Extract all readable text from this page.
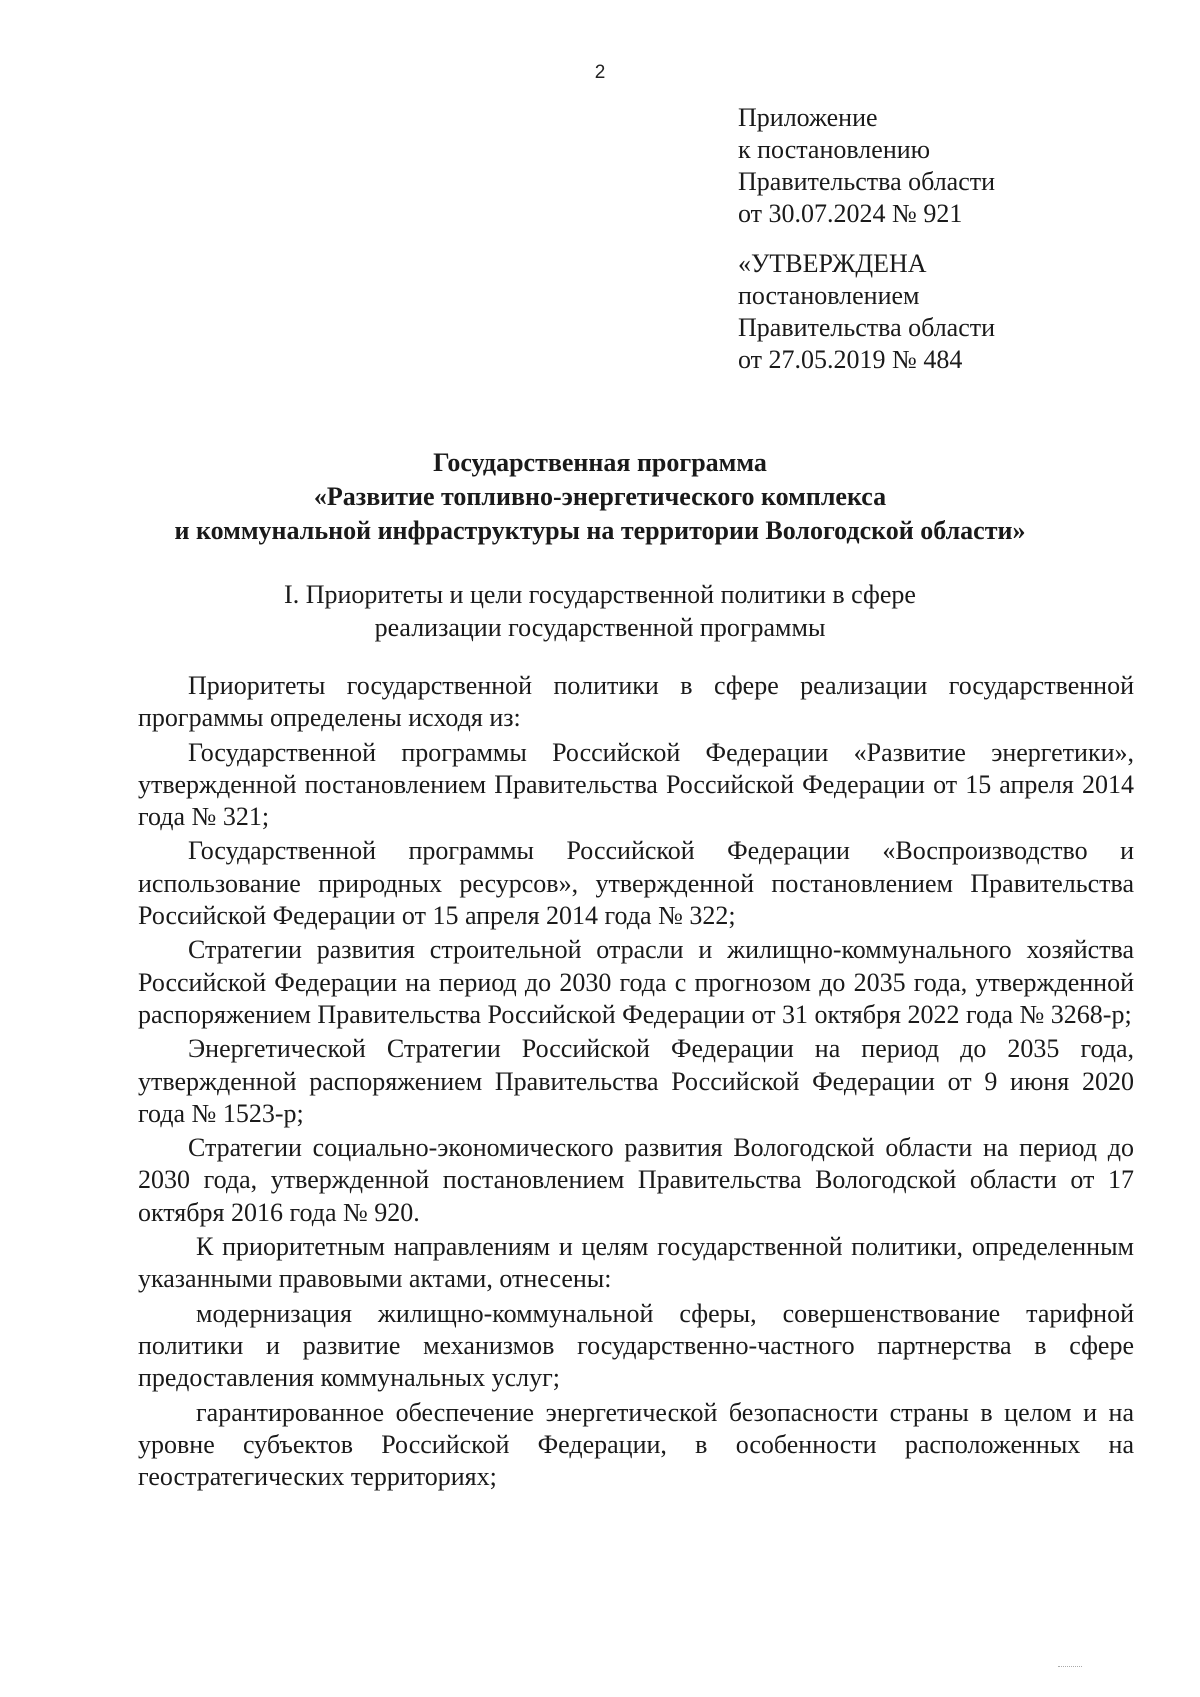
2
Приложение
к постановлению
Правительства области
от 30.07.2024 № 921
«УТВЕРЖДЕНА
постановлением
Правительства области
от 27.05.2019 № 484
Государственная программа
«Развитие топливно-энергетического комплекса
и коммунальной инфраструктуры на территории Вологодской области»
I. Приоритеты и цели государственной политики в сфере
реализации государственной программы

Приоритеты государственной политики в сфере реализации государственной программы определены исходя из:

Государственной программы Российской Федерации «Развитие энергетики», утвержденной постановлением Правительства Российской Федерации от 15 апреля 2014 года № 321;

Государственной программы Российской Федерации «Воспроизводство и использование природных ресурсов», утвержденной постановлением Правительства Российской Федерации от 15 апреля 2014 года № 322;

Стратегии развития строительной отрасли и жилищно-коммунального хозяйства Российской Федерации на период до 2030 года с прогнозом до 2035 года, утвержденной распоряжением Правительства Российской Федерации от 31 октября 2022 года № 3268-р;

Энергетической Стратегии Российской Федерации на период до 2035 года, утвержденной распоряжением Правительства Российской Федерации от 9 июня 2020 года № 1523-р;

Стратегии социально-экономического развития Вологодской области на период до 2030 года, утвержденной постановлением Правительства Вологодской области от 17 октября 2016 года № 920.

К приоритетным направлениям и целям государственной политики, определенным указанными правовыми актами, отнесены:

модернизация жилищно-коммунальной сферы, совершенствование тарифной политики и развитие механизмов государственно-частного партнерства в сфере предоставления коммунальных услуг;

гарантированное обеспечение энергетической безопасности страны в целом и на уровне субъектов Российской Федерации, в особенности расположенных на геостратегических территориях;
